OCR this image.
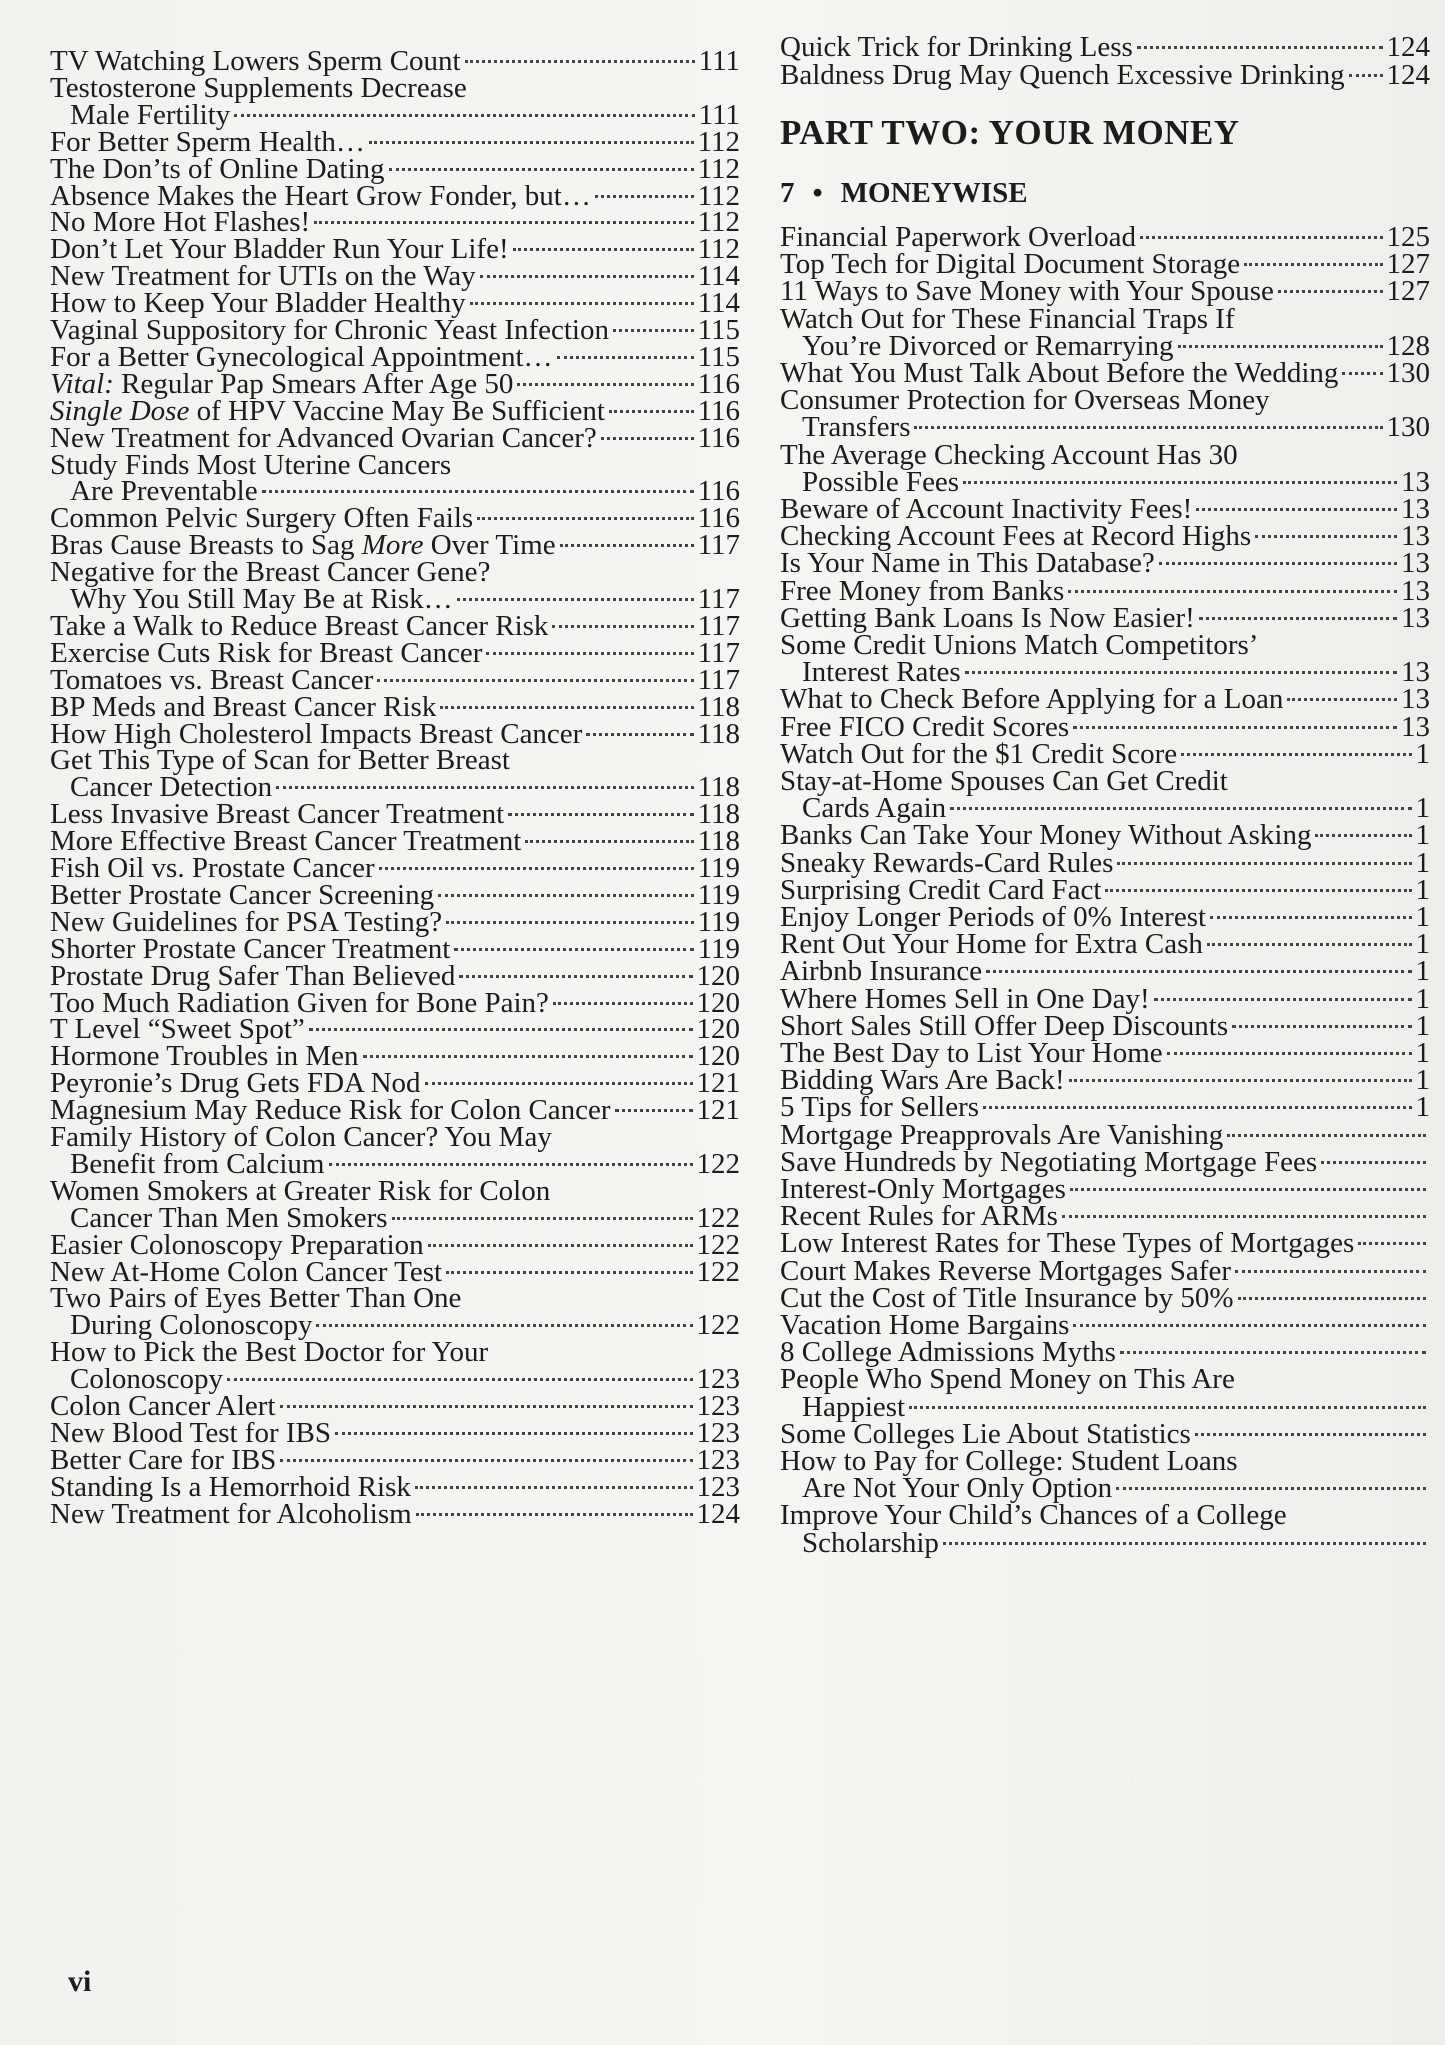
TV Watching Lowers Sperm Count	111
Testosterone Supplements Decrease
Male Fertility	111
For Better Sperm Health…	112
The Don’ts of Online Dating	112
Absence Makes the Heart Grow Fonder, but…	112
No More Hot Flashes!	112
Don’t Let Your Bladder Run Your Life!	112
New Treatment for UTIs on the Way	114
How to Keep Your Bladder Healthy	114
Vaginal Suppository for Chronic Yeast Infection	115
For a Better Gynecological Appointment…	115
Vital: Regular Pap Smears After Age 50	116
Single Dose of HPV Vaccine May Be Sufficient	116
New Treatment for Advanced Ovarian Cancer?	116
Study Finds Most Uterine Cancers
Are Preventable	116
Common Pelvic Surgery Often Fails	116
Bras Cause Breasts to Sag More Over Time	117
Negative for the Breast Cancer Gene?
Why You Still May Be at Risk…	117
Take a Walk to Reduce Breast Cancer Risk	117
Exercise Cuts Risk for Breast Cancer	117
Tomatoes vs. Breast Cancer	117
BP Meds and Breast Cancer Risk	118
How High Cholesterol Impacts Breast Cancer	118
Get This Type of Scan for Better Breast
Cancer Detection	118
Less Invasive Breast Cancer Treatment	118
More Effective Breast Cancer Treatment	118
Fish Oil vs. Prostate Cancer	119
Better Prostate Cancer Screening	119
New Guidelines for PSA Testing?	119
Shorter Prostate Cancer Treatment	119
Prostate Drug Safer Than Believed	120
Too Much Radiation Given for Bone Pain?	120
T Level “Sweet Spot”	120
Hormone Troubles in Men	120
Peyronie’s Drug Gets FDA Nod	121
Magnesium May Reduce Risk for Colon Cancer	121
Family History of Colon Cancer? You May
Benefit from Calcium	122
Women Smokers at Greater Risk for Colon
Cancer Than Men Smokers	122
Easier Colonoscopy Preparation	122
New At-Home Colon Cancer Test	122
Two Pairs of Eyes Better Than One
During Colonoscopy	122
How to Pick the Best Doctor for Your
Colonoscopy	123
Colon Cancer Alert	123
New Blood Test for IBS	123
Better Care for IBS	123
Standing Is a Hemorrhoid Risk	123
New Treatment for Alcoholism	124
Quick Trick for Drinking Less	124
Baldness Drug May Quench Excessive Drinking 124
PART TWO: YOUR MONEY
7 • MONEYWISE
Financial Paperwork Overload	125
Top Tech for Digital Document Storage	127
11 Ways to Save Money with Your Spouse	127
Watch Out for These Financial Traps If
You’re Divorced or Remarrying	128
What You Must Talk About Before the Wedding 130
Consumer Protection for Overseas Money
Transfers	130
The Average Checking Account Has 30
Possible Fees	13
Beware of Account Inactivity Fees!	13
Checking Account Fees at Record Highs	13
Is Your Name in This Database?	13
Free Money from Banks	13
Getting Bank Loans Is Now Easier!	13
Some Credit Unions Match Competitors’
Interest Rates	13
What to Check Before Applying for a Loan	13
Free FICO Credit Scores	13
Watch Out for the $1 Credit Score	1
Stay-at-Home Spouses Can Get Credit
Cards Again	1
Banks Can Take Your Money Without Asking	1
Sneaky Rewards-Card Rules	1
Surprising Credit Card Fact	1
Enjoy Longer Periods of 0% Interest	1
Rent Out Your Home for Extra Cash	1
Airbnb Insurance	1
Where Homes Sell in One Day!	1
Short Sales Still Offer Deep Discounts	1
The Best Day to List Your Home	1
Bidding Wars Are Back!	1
5 Tips for Sellers	1
Mortgage Preapprovals Are Vanishing
Save Hundreds by Negotiating Mortgage Fees
Interest-Only Mortgages
Recent Rules for ARMs
Low Interest Rates for These Types of Mortgages
Court Makes Reverse Mortgages Safer
Cut the Cost of Title Insurance by 50%
Vacation Home Bargains
8 College Admissions Myths
People Who Spend Money on This Are
Happiest
Some Colleges Lie About Statistics
How to Pay for College: Student Loans
Are Not Your Only Option
Improve Your Child’s Chances of a College
Scholarship
vi
